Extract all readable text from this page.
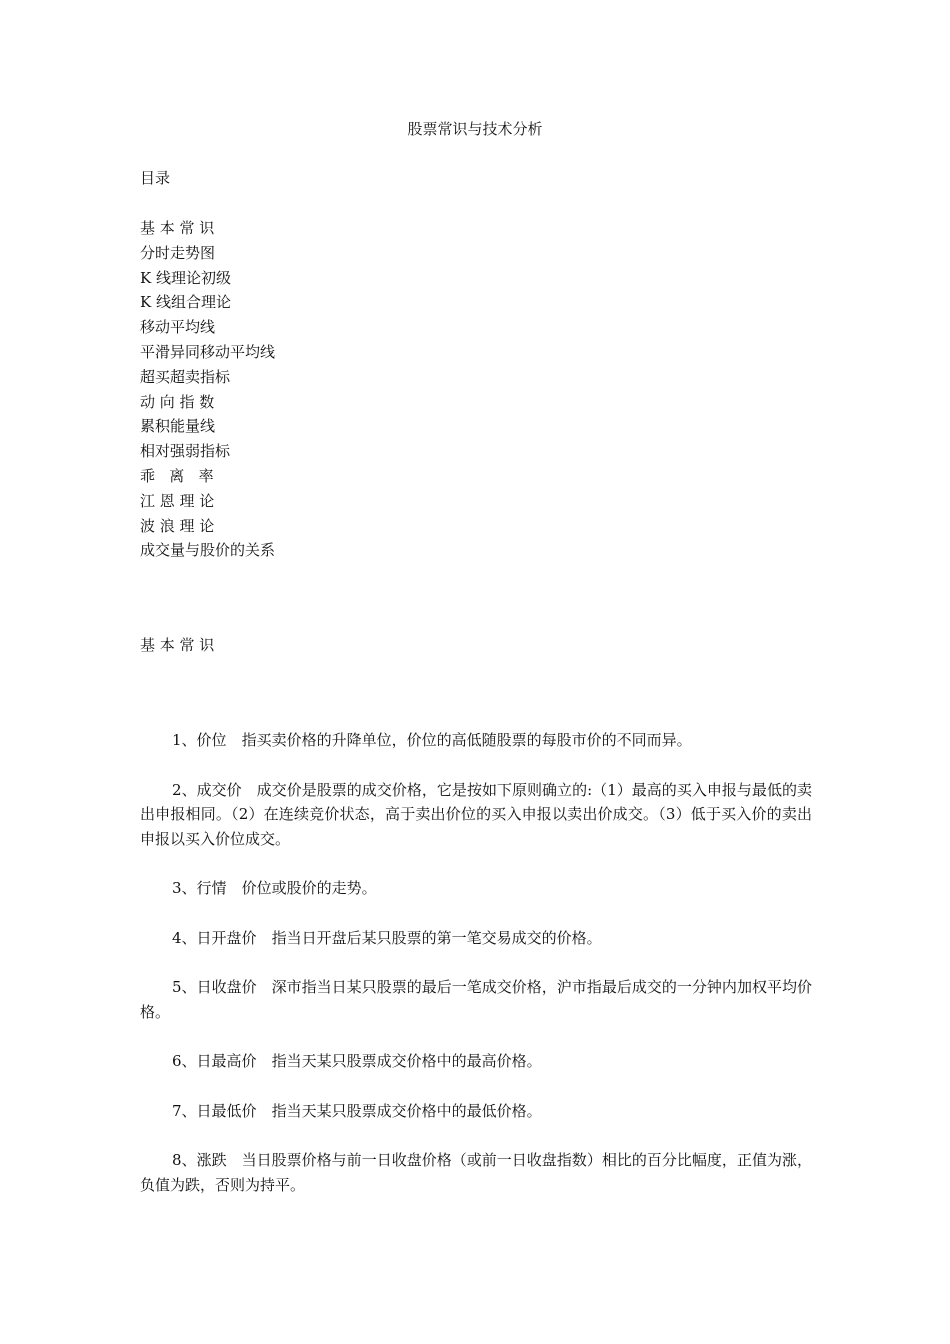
股票常识与技术分析
目录
基 本 常 识
分时走势图
K 线理论初级
K 线组合理论
移动平均线
平滑异同移动平均线
超买超卖指标
动 向 指 数
累积能量线
相对强弱指标
乖   离   率
江 恩 理 论
波 浪 理 论
成交量与股价的关系
基 本 常 识

1、价位　 指买卖价格的升降单位，价位的高低随股票的每股市价的不同而异。

2、成交价　 成交价是股票的成交价格，它是按如下原则确立的:（1）最高的买入申报与最低的卖出申报相同。（2）在连续竞价状态，高于卖出价位的买入申报以卖出价成交。（3）低于买入价的卖出申报以买入价位成交。

3、行情　 价位或股价的走势。

4、日开盘价　 指当日开盘后某只股票的第一笔交易成交的价格。

5、日收盘价　 深市指当日某只股票的最后一笔成交价格，沪市指最后成交的一分钟内加权平均价格。

6、日最高价　 指当天某只股票成交价格中的最高价格。

7、日最低价　 指当天某只股票成交价格中的最低价格。

8、涨跌　 当日股票价格与前一日收盘价格（或前一日收盘指数）相比的百分比幅度，正值为涨， 负值为跌，否则为持平。
